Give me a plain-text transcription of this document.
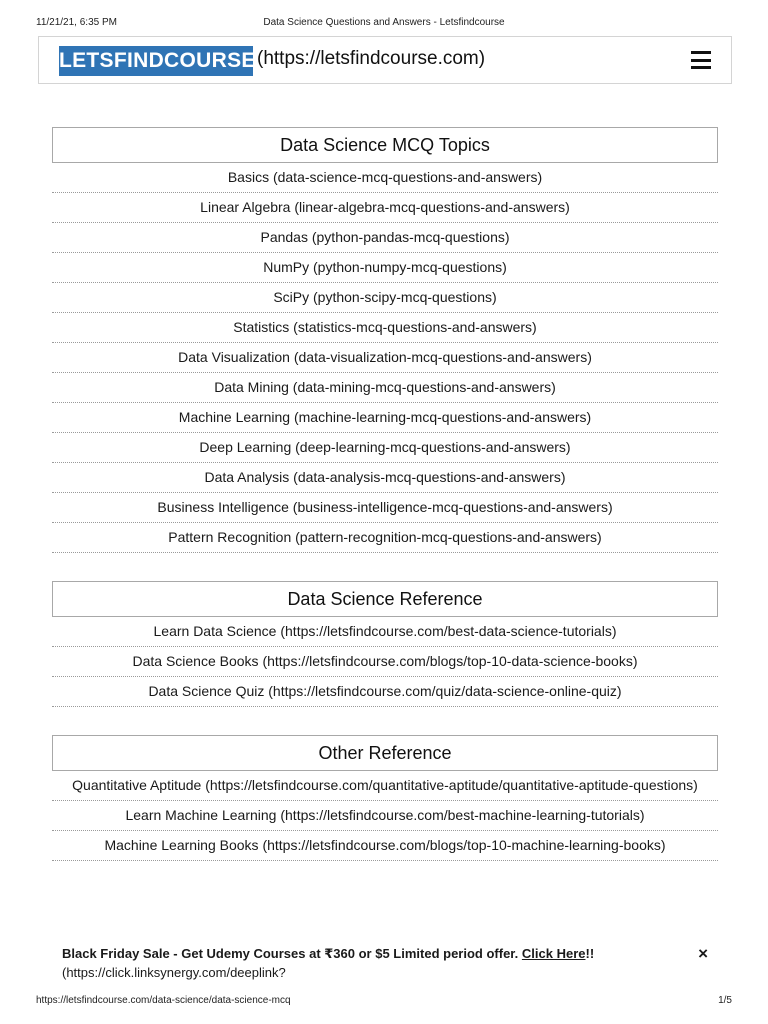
11/21/21, 6:35 PM	Data Science Questions and Answers - Letsfindcourse
LETSFINDCOURSE (https://letsfindcourse.com)
Data Science MCQ Topics
Basics (data-science-mcq-questions-and-answers)
Linear Algebra (linear-algebra-mcq-questions-and-answers)
Pandas (python-pandas-mcq-questions)
NumPy (python-numpy-mcq-questions)
SciPy (python-scipy-mcq-questions)
Statistics (statistics-mcq-questions-and-answers)
Data Visualization (data-visualization-mcq-questions-and-answers)
Data Mining (data-mining-mcq-questions-and-answers)
Machine Learning (machine-learning-mcq-questions-and-answers)
Deep Learning (deep-learning-mcq-questions-and-answers)
Data Analysis (data-analysis-mcq-questions-and-answers)
Business Intelligence (business-intelligence-mcq-questions-and-answers)
Pattern Recognition (pattern-recognition-mcq-questions-and-answers)
Data Science Reference
Learn Data Science (https://letsfindcourse.com/best-data-science-tutorials)
Data Science Books (https://letsfindcourse.com/blogs/top-10-data-science-books)
Data Science Quiz (https://letsfindcourse.com/quiz/data-science-online-quiz)
Other Reference
Quantitative Aptitude (https://letsfindcourse.com/quantitative-aptitude/quantitative-aptitude-questions)
Learn Machine Learning (https://letsfindcourse.com/best-machine-learning-tutorials)
Machine Learning Books (https://letsfindcourse.com/blogs/top-10-machine-learning-books)
Black Friday Sale - Get Udemy Courses at ₹360 or $5 Limited period offer. Click Here!!
(https://click.linksynergy.com/deeplink?
×
https://letsfindcourse.com/data-science/data-science-mcq	1/5
